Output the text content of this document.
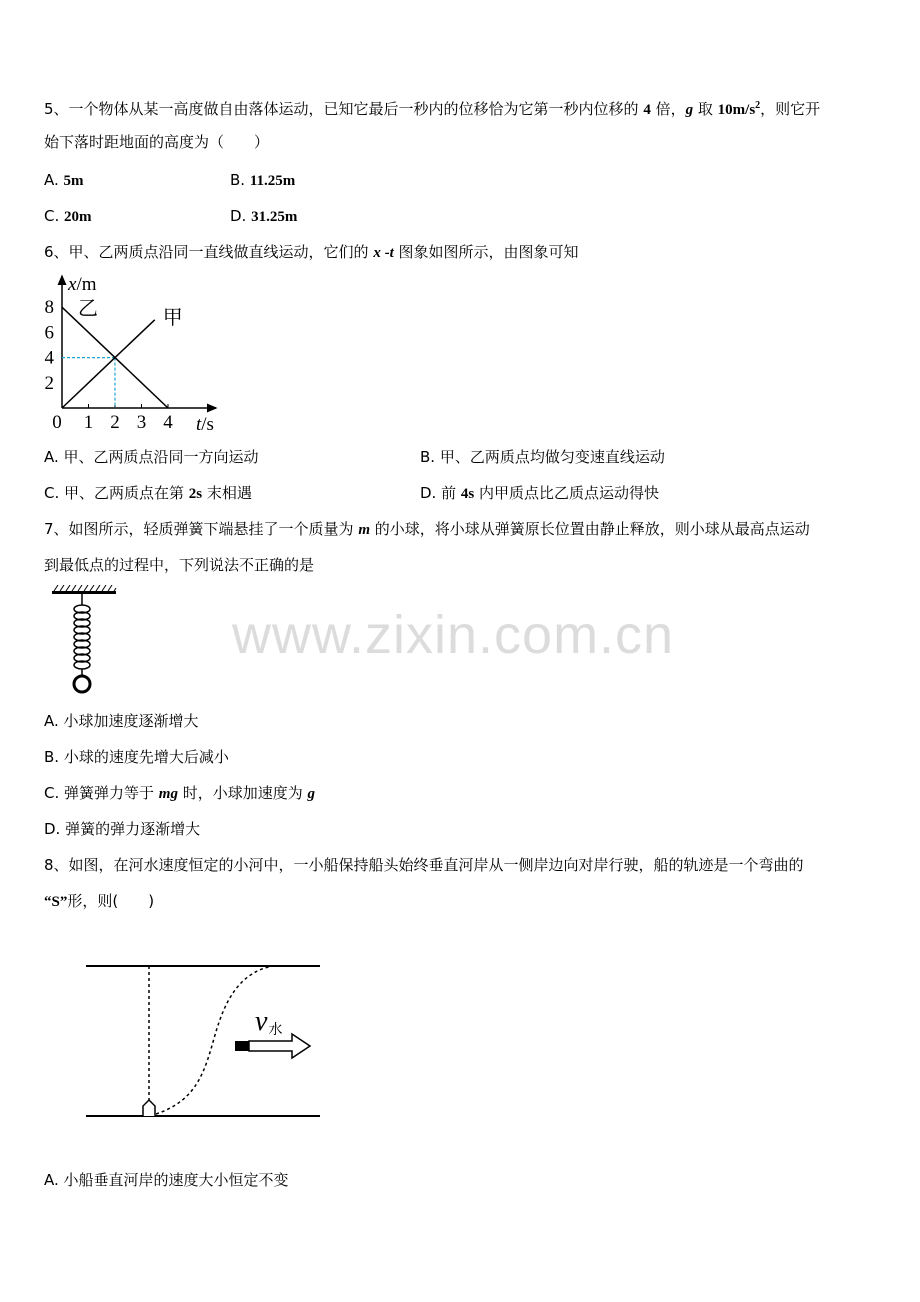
5、一个物体从某一高度做自由落体运动，已知它最后一秒内的位移恰为它第一秒内位移的 4 倍，g 取 $10m/s^2$，则它开
始下落时距地面的高度为（　　）
A. 5m	B. 11.25m
C. 20m	D. 31.25m
6、甲、乙两质点沿同一直线做直线运动，它们的 x -t 图象如图所示，由图象可知
x/m
t/s
0 1 2 3 4
2
4
6
8	甲
乙
A. 甲、乙两质点沿同一方向运动	B. 甲、乙两质点均做匀变速直线运动
C. 甲、乙两质点在第 2s 末相遇	D. 前 4s 内甲质点比乙质点运动得快
7、如图所示，轻质弹簧下端悬挂了一个质量为 m 的小球，将小球从弹簧原长位置由静止释放，则小球从最高点运动
到最低点的过程中，下列说法不正确的是
www.zixin.com.cn
A. 小球加速度逐渐增大
B. 小球的速度先增大后减小
C. 弹簧弹力等于 mg 时，小球加速度为 g
D. 弹簧的弹力逐渐增大
8、如图，在河水速度恒定的小河中，一小船保持船头始终垂直河岸从一侧岸边向对岸行驶，船的轨迹是一个弯曲的
“S”形，则(　　)
v水
A. 小船垂直河岸的速度大小恒定不变
